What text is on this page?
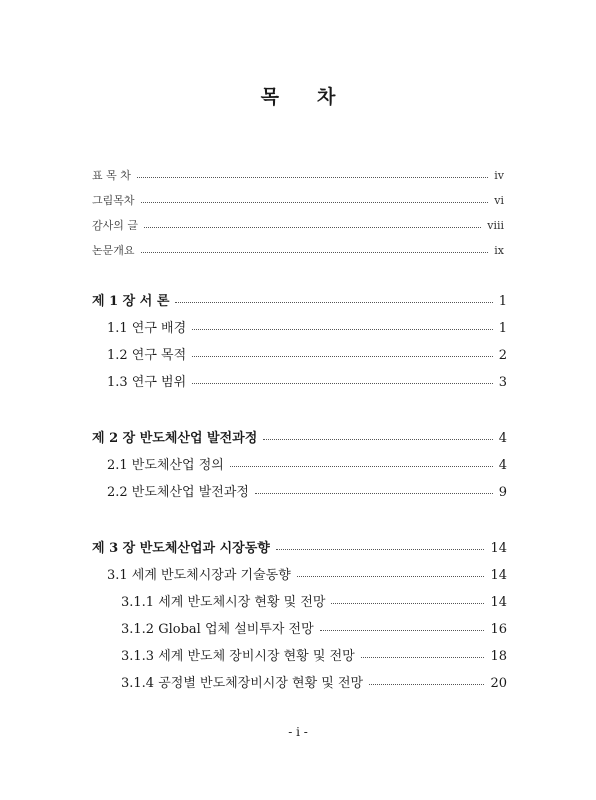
목 차
표 목 차	ⅳ
그림목차	ⅵ
감사의 글	ⅷ
논문개요	ⅸ
제 1 장 서 론	1
1.1 연구 배경	1
1.2 연구 목적	2
1.3 연구 범위	3
제 2 장 반도체산업 발전과정	4
2.1 반도체산업 정의	4
2.2 반도체산업 발전과정	9
제 3 장 반도체산업과 시장동향	14
3.1 세계 반도체시장과 기술동향	14
3.1.1 세계 반도체시장 현황 및 전망	14
3.1.2 Global 업체 설비투자 전망	16
3.1.3 세계 반도체 장비시장 현황 및 전망	18
3.1.4 공정별 반도체장비시장 현황 및 전망	20
- i -
